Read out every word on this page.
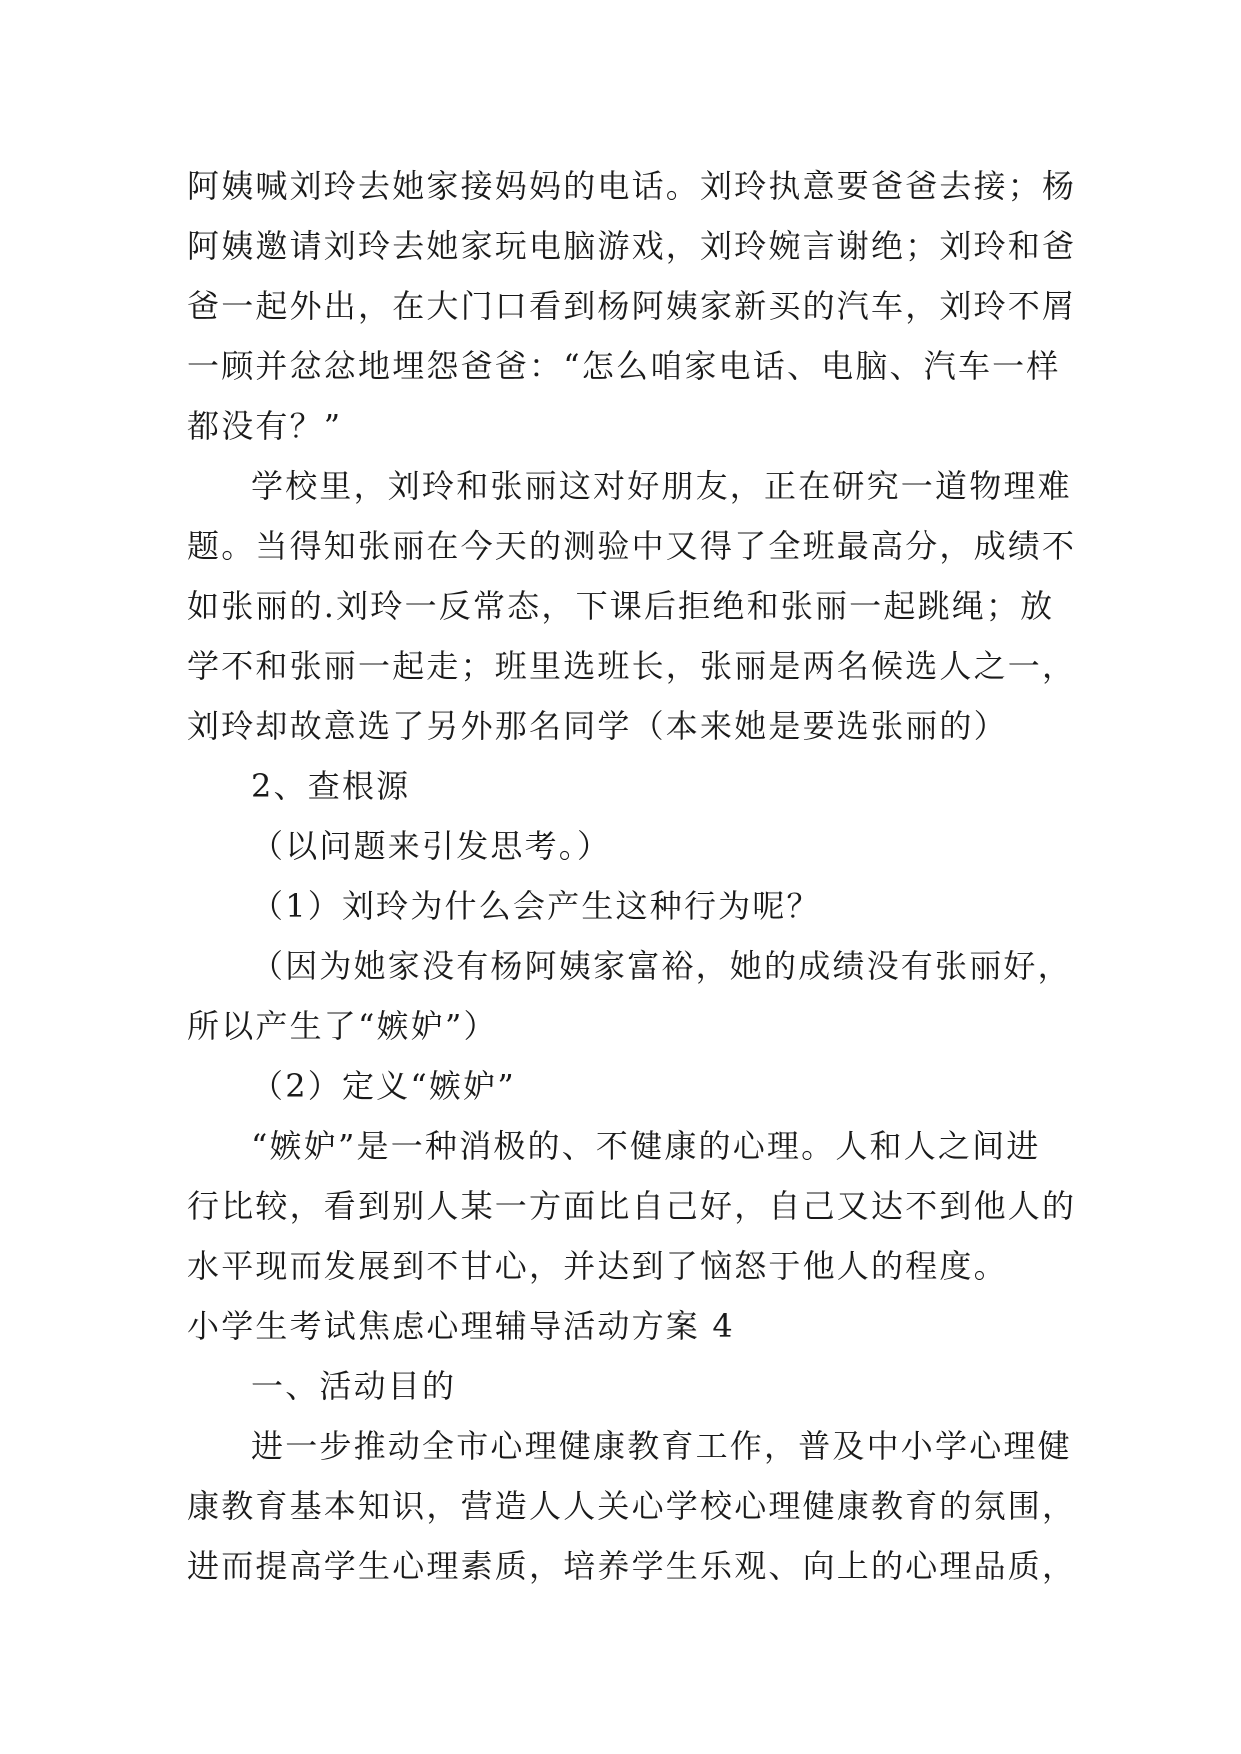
阿姨喊刘玲去她家接妈妈的电话。刘玲执意要爸爸去接；杨
阿姨邀请刘玲去她家玩电脑游戏，刘玲婉言谢绝；刘玲和爸
爸一起外出，在大门口看到杨阿姨家新买的汽车，刘玲不屑
一顾并忿忿地埋怨爸爸：“怎么咱家电话、电脑、汽车一样
都没有？”
学校里，刘玲和张丽这对好朋友，正在研究一道物理难
题。当得知张丽在今天的测验中又得了全班最高分，成绩不
如张丽的.刘玲一反常态，下课后拒绝和张丽一起跳绳；放
学不和张丽一起走；班里选班长，张丽是两名候选人之一，
刘玲却故意选了另外那名同学（本来她是要选张丽的）
2、查根源
（以问题来引发思考。）
（1）刘玲为什么会产生这种行为呢？
（因为她家没有杨阿姨家富裕，她的成绩没有张丽好，
所以产生了“嫉妒”）
（2）定义“嫉妒”
“嫉妒”是一种消极的、不健康的心理。人和人之间进
行比较，看到别人某一方面比自己好，自己又达不到他人的
水平现而发展到不甘心，并达到了恼怒于他人的程度。
小学生考试焦虑心理辅导活动方案 4
一、活动目的
进一步推动全市心理健康教育工作，普及中小学心理健
康教育基本知识，营造人人关心学校心理健康教育的氛围，
进而提高学生心理素质，培养学生乐观、向上的心理品质，
